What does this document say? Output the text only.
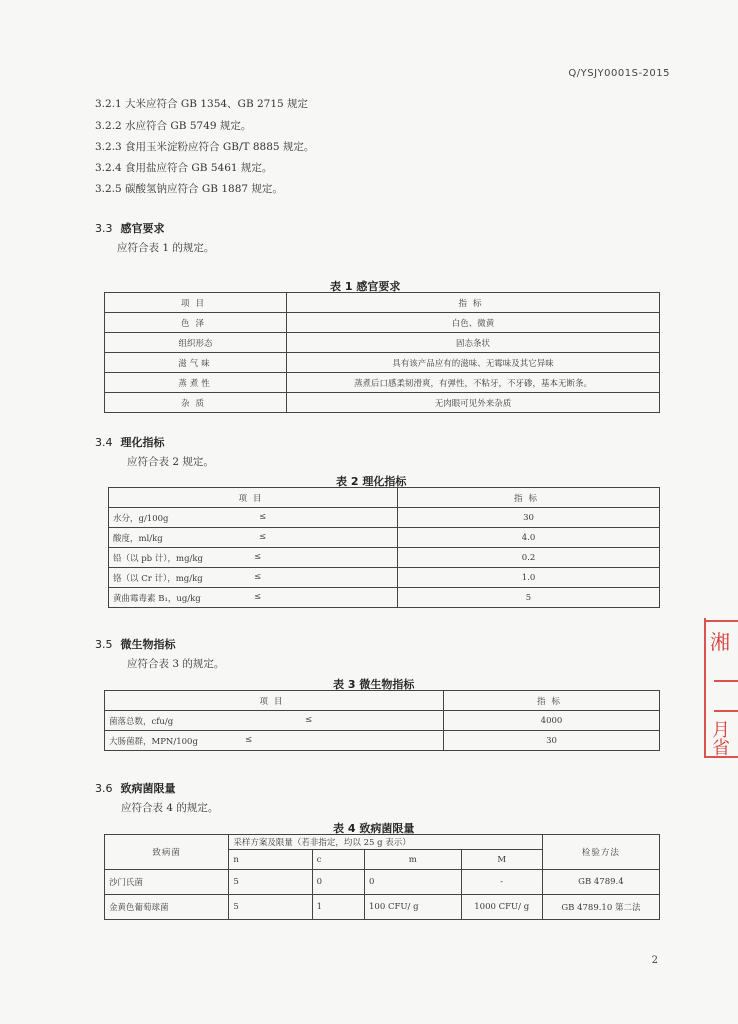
Q/YSJY0001S-2015
3.2.1 大米应符合 GB 1354、GB 2715 规定
3.2.2 水应符合 GB 5749 规定。
3.2.3 食用玉米淀粉应符合 GB/T 8885 规定。
3.2.4 食用盐应符合 GB 5461 规定。
3.2.5 碳酸氢钠应符合 GB 1887 规定。
3.3 感官要求
应符合表 1 的规定。
表 1 感官要求
项目	指标
色泽	白色、微黄
组织形态	固态条状
滋气味	具有该产品应有的滋味、无霉味及其它异味
蒸煮性	蒸煮后口感柔韧滑爽，有弹性，不粘牙，不牙碜，基本无断条。
杂质	无肉眼可见外来杂质
3.4 理化指标
应符合表 2 规定。
表 2 理化指标
项目	指标
水分，g/100g ≤	30
酸度，ml/kg ≤	4.0
铅（以 pb 计），mg/kg ≤	0.2
铬（以 Cr 计），mg/kg ≤	1.0
黄曲霉毒素 B₁，ug/kg ≤	5
3.5 微生物指标
应符合表 3 的规定。
表 3 微生物指标
项目	指标
菌落总数，cfu/g ≤	4000
大肠菌群，MPN/100g ≤	30
3.6 致病菌限量
应符合表 4 的规定。
表 4 致病菌限量
致病菌	采样方案及限量（若非指定，均以 25 g 表示）				检验方法
	n	c	m	M	
沙门氏菌	5	0	0	-	GB 4789.4
金黄色葡萄球菌	5	1	100 CFU/ g	1000 CFU/ g	GB 4789.10 第二法
2
湘
月
省
